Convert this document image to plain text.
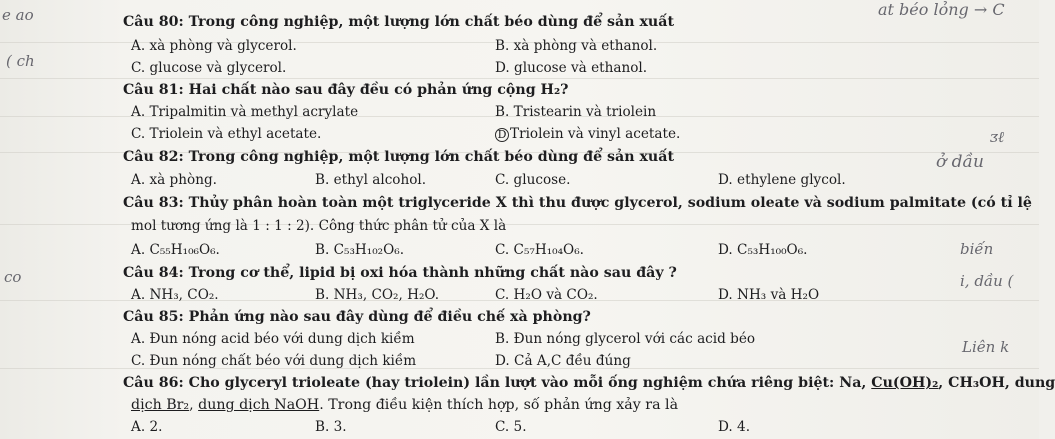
e ao
( ch
co
at béo lỏng → C
ᴣℓ
ở dầu
biến
i, dầu (
Liên k
Câu 80: Trong công nghiệp, một lượng lớn chất béo dùng để sản xuất
A. xà phòng và glycerol.	B. xà phòng và ethanol.
C. glucose và glycerol.	D. glucose và ethanol.
Câu 81: Hai chất nào sau đây đều có phản ứng cộng H₂?
A. Tripalmitin và methyl acrylate	B. Tristearin và triolein
C. Triolein và ethyl acetate.	D Triolein và vinyl acetate.
Câu 82: Trong công nghiệp, một lượng lớn chất béo dùng để sản xuất
A. xà phòng.	B. ethyl alcohol.	C. glucose.	D. ethylene glycol.
Câu 83: Thủy phân hoàn toàn một triglyceride X thì thu được glycerol, sodium oleate và sodium palmitate (có tỉ lệ
mol tương ứng là 1 : 1 : 2). Công thức phân tử của X là
A. C₅₅H₁₀₆O₆.	B. C₅₃H₁₀₂O₆.	C. C₅₇H₁₀₄O₆.	D. C₅₃H₁₀₀O₆.
Câu 84: Trong cơ thể, lipid bị oxi hóa thành những chất nào sau đây ?
A. NH₃, CO₂.	B. NH₃, CO₂, H₂O.	C. H₂O và CO₂.	D. NH₃ và H₂O
Câu 85: Phản ứng nào sau đây dùng để điều chế xà phòng?
A. Đun nóng acid béo với dung dịch kiềm	B. Đun nóng glycerol với các acid béo
C. Đun nóng chất béo với dung dịch kiềm	D. Cả A,C đều đúng
Câu 86: Cho glyceryl trioleate (hay triolein) lần lượt vào mỗi ống nghiệm chứa riêng biệt: Na, Cu(OH)₂, CH₃OH, dung
dịch Br₂, dung dịch NaOH. Trong điều kiện thích hợp, số phản ứng xảy ra là
A. 2.	B. 3.	C. 5.	D. 4.
